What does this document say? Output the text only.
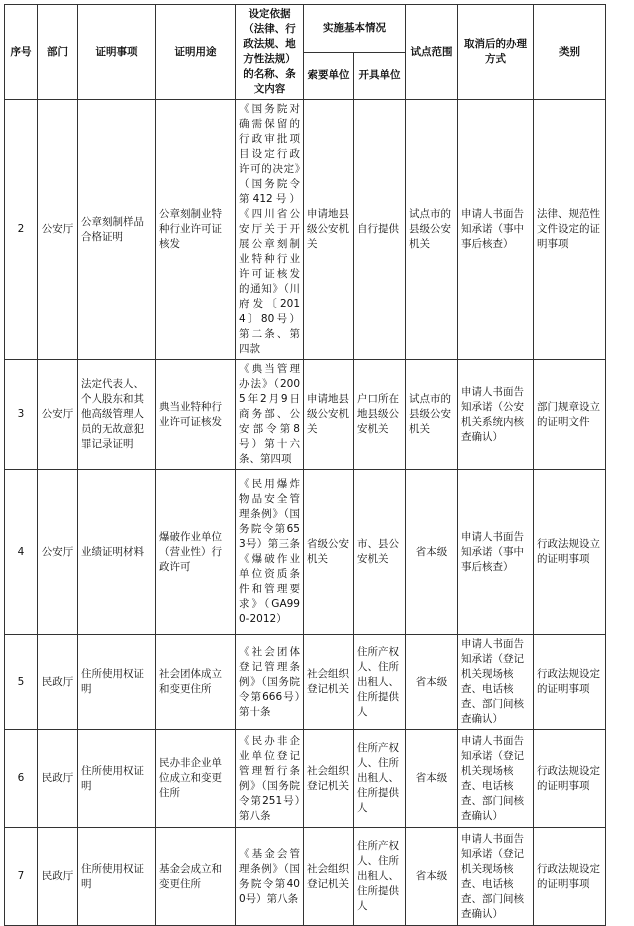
序号	部门	证明事项	证明用途	设定依据（法律、行政法规、地方性法规）的名称、条文内容	实施基本情况		试点范围	取消后的办理方式	类别
					索要单位	开具单位			
2	公安厅	公章刻制样品合格证明	公章刻制业特种行业许可证核发	《国务院对确需保留的行政审批项目设定行政许可的决定》（国务院令第412号）《四川省公安厅关于开展公章刻制业特种行业许可证核发的通知》（川府发〔2014〕80号）第二条、第四款	申请地县级公安机关	自行提供	试点市的县级公安机关	申请人书面告知承诺（事中事后核查）	法律、规范性文件设定的证明事项
3	公安厅	法定代表人、个人股东和其他高级管理人员的无故意犯罪记录证明	典当业特种行业许可证核发	《典当管理办法》（2005年2月9日商务部、公安部令第8号）第十六条、第四项	申请地县级公安机关	户口所在地县级公安机关	试点市的县级公安机关	申请人书面告知承诺（公安机关系统内核查确认）	部门规章设立的证明文件
4	公安厅	业绩证明材料	爆破作业单位（营业性）行政许可	《民用爆炸物品安全管理条例》（国务院令第653号）第三条《爆破作业单位资质条件和管理要求》（GA990-2012）	省级公安机关	市、县公安机关	省本级	申请人书面告知承诺（事中事后核查）	行政法规设立的证明事项
5	民政厅	住所使用权证明	社会团体成立和变更住所	《社会团体登记管理条例》（国务院令第666号）第十条	社会组织登记机关	住所产权人、住所出租人、住所提供人	省本级	申请人书面告知承诺（登记机关现场核查、电话核查、部门间核查确认）	行政法规设定的证明事项
6	民政厅	住所使用权证明	民办非企业单位成立和变更住所	《民办非企业单位登记管理暂行条例》（国务院令第251号）第八条	社会组织登记机关	住所产权人、住所出租人、住所提供人	省本级	申请人书面告知承诺（登记机关现场核查、电话核查、部门间核查确认）	行政法规设定的证明事项
7	民政厅	住所使用权证明	基金会成立和变更住所	《基金会管理条例》（国务院令第400号）第八条	社会组织登记机关	住所产权人、住所出租人、住所提供人	省本级	申请人书面告知承诺（登记机关现场核查、电话核查、部门间核查确认）	行政法规设定的证明事项
